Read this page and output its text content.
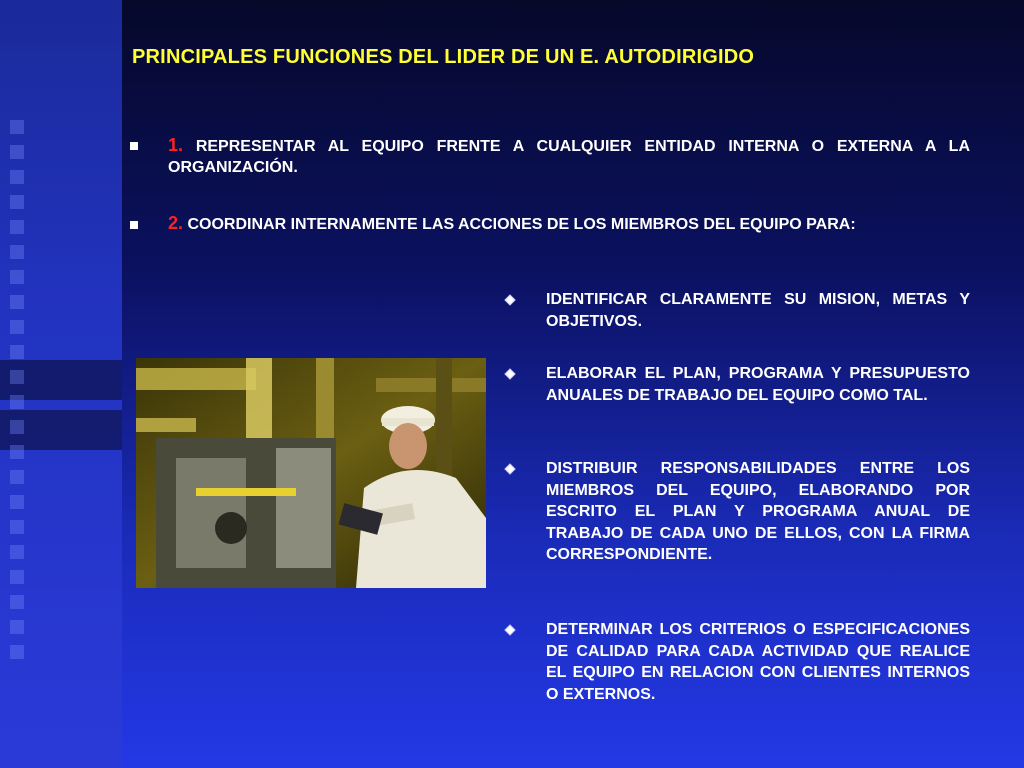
PRINCIPALES FUNCIONES DEL LIDER DE UN E. AUTODIRIGIDO
1. REPRESENTAR AL EQUIPO FRENTE A CUALQUIER ENTIDAD INTERNA O EXTERNA A LA ORGANIZACIÓN.
2. COORDINAR INTERNAMENTE LAS ACCIONES DE LOS MIEMBROS DEL EQUIPO PARA:
IDENTIFICAR CLARAMENTE SU MISION, METAS Y OBJETIVOS.
ELABORAR EL PLAN, PROGRAMA Y PRESUPUESTO ANUALES DE TRABAJO DEL EQUIPO COMO TAL.
DISTRIBUIR RESPONSABILIDADES ENTRE LOS MIEMBROS DEL EQUIPO, ELABORANDO POR ESCRITO EL PLAN Y PROGRAMA ANUAL DE TRABAJO DE CADA UNO DE ELLOS, CON LA FIRMA CORRESPONDIENTE.
DETERMINAR LOS CRITERIOS O ESPECIFICACIONES DE CALIDAD PARA CADA ACTIVIDAD QUE REALICE EL EQUIPO EN RELACION CON CLIENTES INTERNOS O EXTERNOS.
